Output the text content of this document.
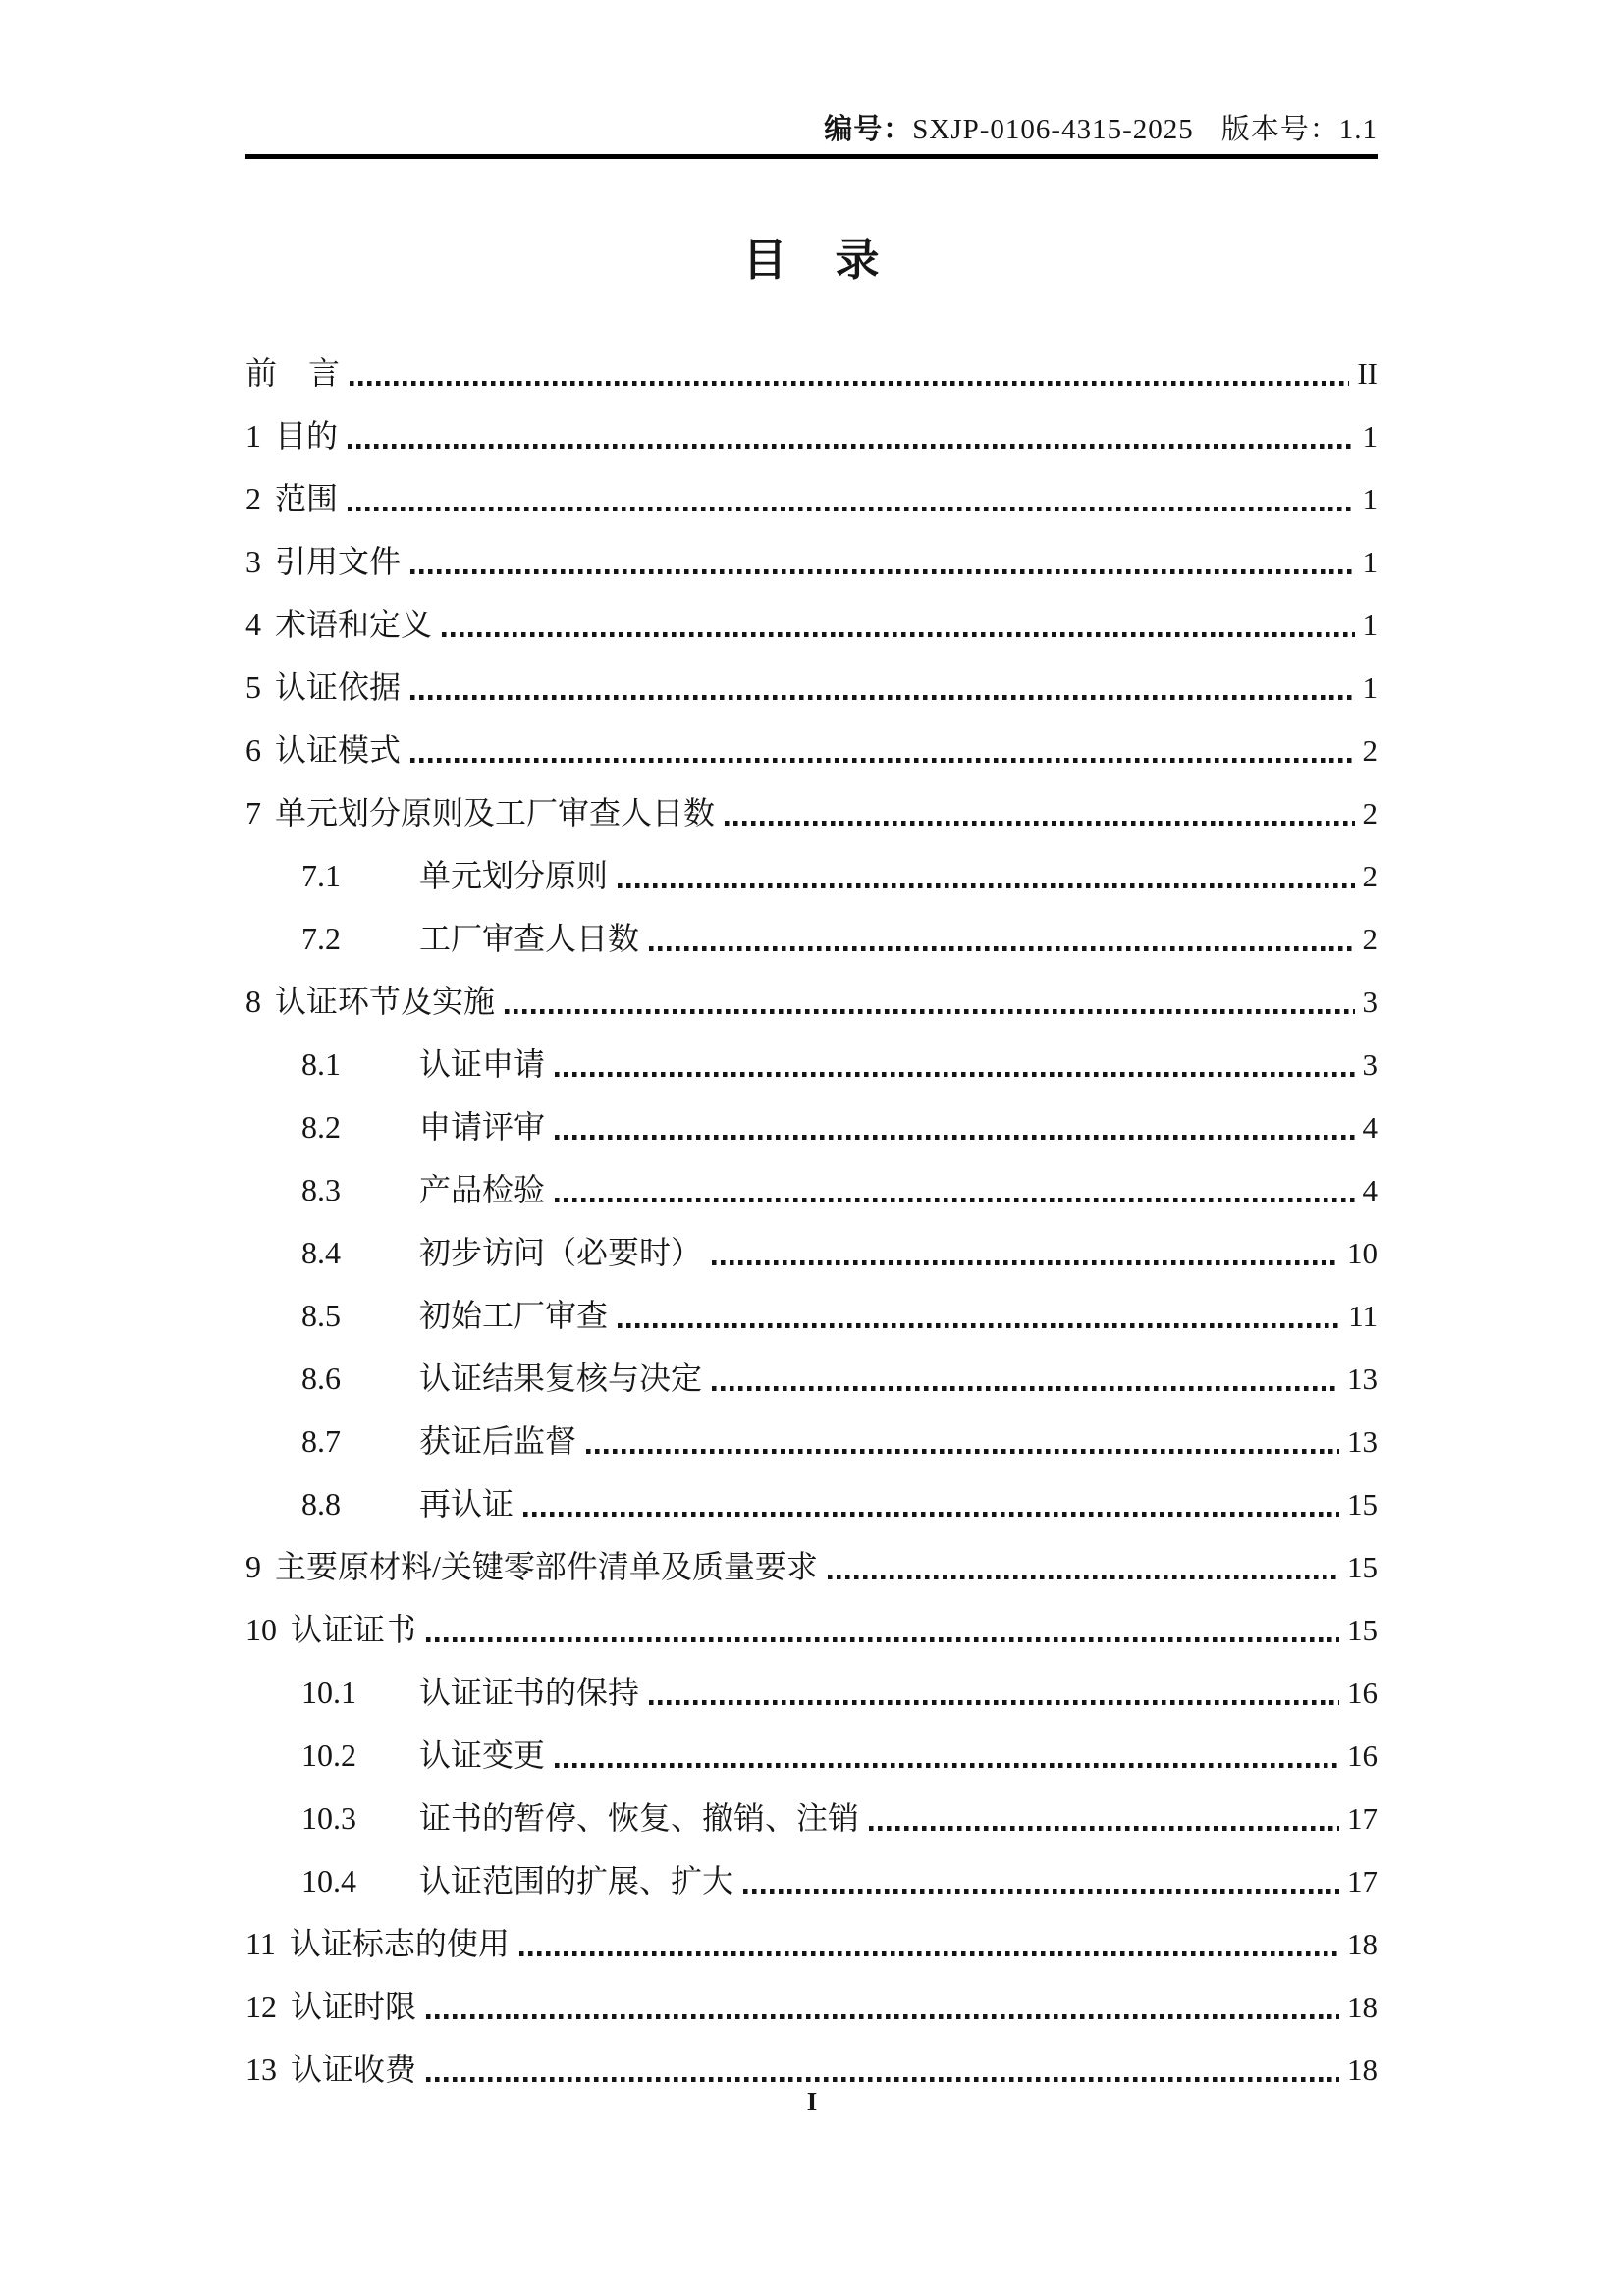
编号：SXJP-0106-4315-2025 版本号：1.1
目　录
前　言	II
1 目的	1
2 范围	1
3 引用文件	1
4 术语和定义	1
5 认证依据	1
6 认证模式	2
7 单元划分原则及工厂审查人日数	2
7.1	单元划分原则	2
7.2	工厂审查人日数	2
8 认证环节及实施	3
8.1	认证申请	3
8.2	申请评审	4
8.3	产品检验	4
8.4	初步访问（必要时）	10
8.5	初始工厂审查	11
8.6	认证结果复核与决定	13
8.7	获证后监督	13
8.8	再认证	15
9 主要原材料/关键零部件清单及质量要求	15
10 认证证书	15
10.1	认证证书的保持	16
10.2	认证变更	16
10.3	证书的暂停、恢复、撤销、注销	17
10.4	认证范围的扩展、扩大	17
11 认证标志的使用	18
12 认证时限	18
13 认证收费	18
I
